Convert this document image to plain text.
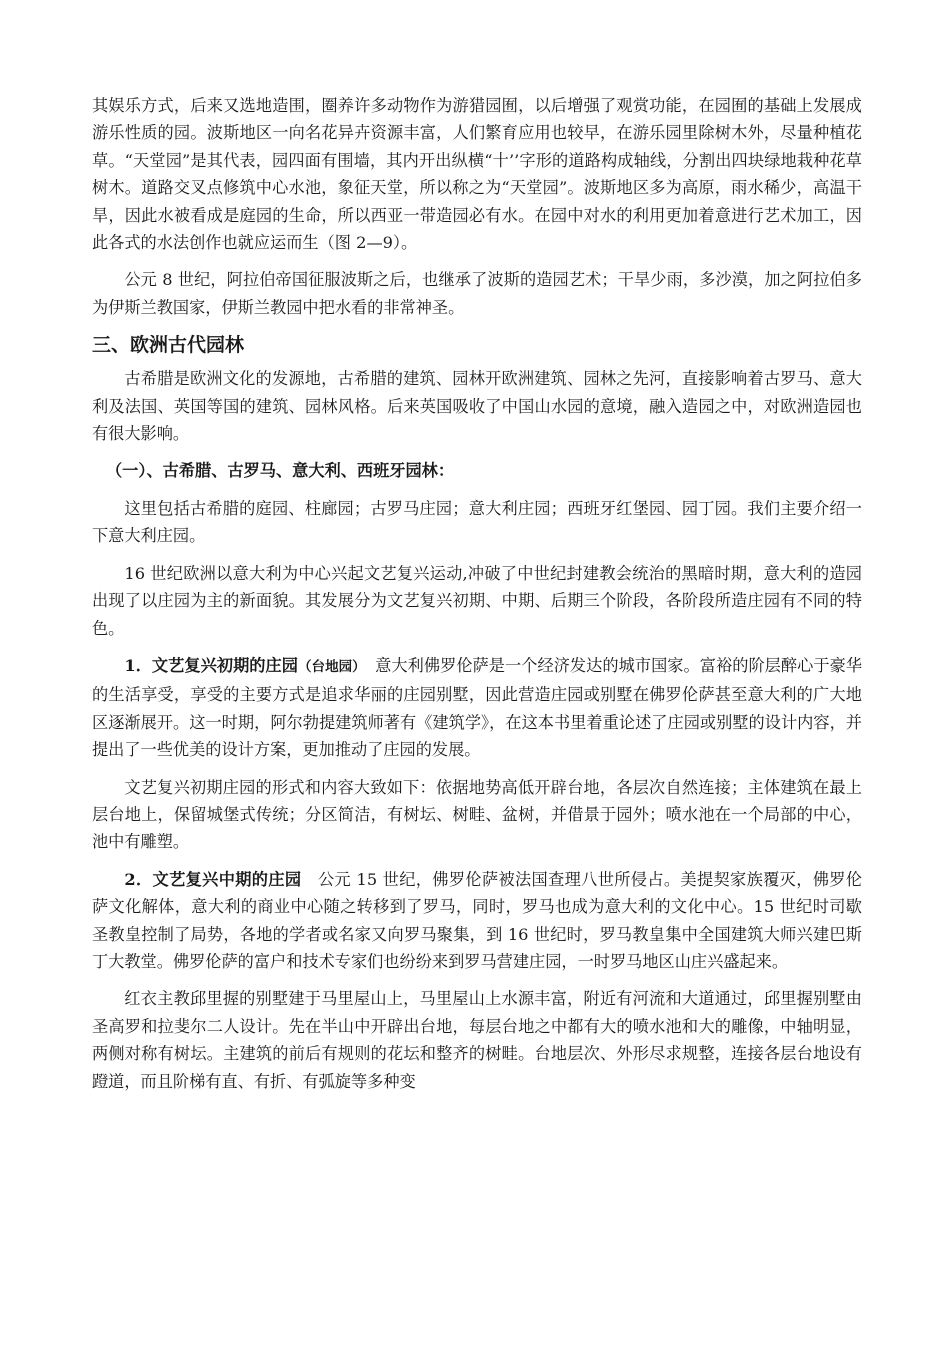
其娱乐方式，后来又选地造围，圈养许多动物作为游猎园囿，以后增强了观赏功能，在园囿的基础上发展成游乐性质的园。波斯地区一向名花异卉资源丰富，人们繁育应用也较早，在游乐园里除树木外，尽量种植花草。“天堂园”是其代表，园四面有围墙，其内开出纵横“十’’字形的道路构成轴线，分割出四块绿地栽种花草树木。道路交叉点修筑中心水池，象征天堂，所以称之为“天堂园”。波斯地区多为高原，雨水稀少，高温干旱，因此水被看成是庭园的生命，所以西亚一带造园必有水。在园中对水的利用更加着意进行艺术加工，因此各式的水法创作也就应运而生（图 2—9）。

公元 8 世纪，阿拉伯帝国征服波斯之后，也继承了波斯的造园艺术；干旱少雨，多沙漠，加之阿拉伯多为伊斯兰教国家，伊斯兰教园中把水看的非常神圣。

三、欧洲古代园林

古希腊是欧洲文化的发源地，古希腊的建筑、园林开欧洲建筑、园林之先河，直接影响着古罗马、意大利及法国、英国等国的建筑、园林风格。后来英国吸收了中国山水园的意境，融入造园之中，对欧洲造园也有很大影响。

（一）、古希腊、古罗马、意大利、西班牙园林：

这里包括古希腊的庭园、柱廊园；古罗马庄园；意大利庄园；西班牙红堡园、园丁园。我们主要介绍一下意大利庄园。

16 世纪欧洲以意大利为中心兴起文艺复兴运动,冲破了中世纪封建教会统治的黑暗时期，意大利的造园出现了以庄园为主的新面貌。其发展分为文艺复兴初期、中期、后期三个阶段，各阶段所造庄园有不同的特色。

1．文艺复兴初期的庄园（台地园）　意大利佛罗伦萨是一个经济发达的城市国家。富裕的阶层醉心于豪华的生活享受，享受的主要方式是追求华丽的庄园别墅，因此营造庄园或别墅在佛罗伦萨甚至意大利的广大地区逐渐展开。这一时期，阿尔勃提建筑师著有《建筑学》，在这本书里着重论述了庄园或别墅的设计内容，并提出了一些优美的设计方案，更加推动了庄园的发展。

文艺复兴初期庄园的形式和内容大致如下：依据地势高低开辟台地，各层次自然连接；主体建筑在最上层台地上，保留城堡式传统；分区简洁，有树坛、树畦、盆树，并借景于园外；喷水池在一个局部的中心，池中有雕塑。

2．文艺复兴中期的庄园　公元 15 世纪，佛罗伦萨被法国查理八世所侵占。美提契家族覆灭，佛罗伦萨文化解体，意大利的商业中心随之转移到了罗马，同时，罗马也成为意大利的文化中心。15 世纪时司歇圣教皇控制了局势，各地的学者或名家又向罗马聚集，到 16 世纪时，罗马教皇集中全国建筑大师兴建巴斯丁大教堂。佛罗伦萨的富户和技术专家们也纷纷来到罗马营建庄园，一时罗马地区山庄兴盛起来。

红衣主教邱里握的别墅建于马里屋山上，马里屋山上水源丰富，附近有河流和大道通过，邱里握别墅由圣高罗和拉斐尔二人设计。先在半山中开辟出台地，每层台地之中都有大的喷水池和大的雕像，中轴明显，两侧对称有树坛。主建筑的前后有规则的花坛和整齐的树畦。台地层次、外形尽求规整，连接各层台地设有蹬道，而且阶梯有直、有折、有弧旋等多种变
